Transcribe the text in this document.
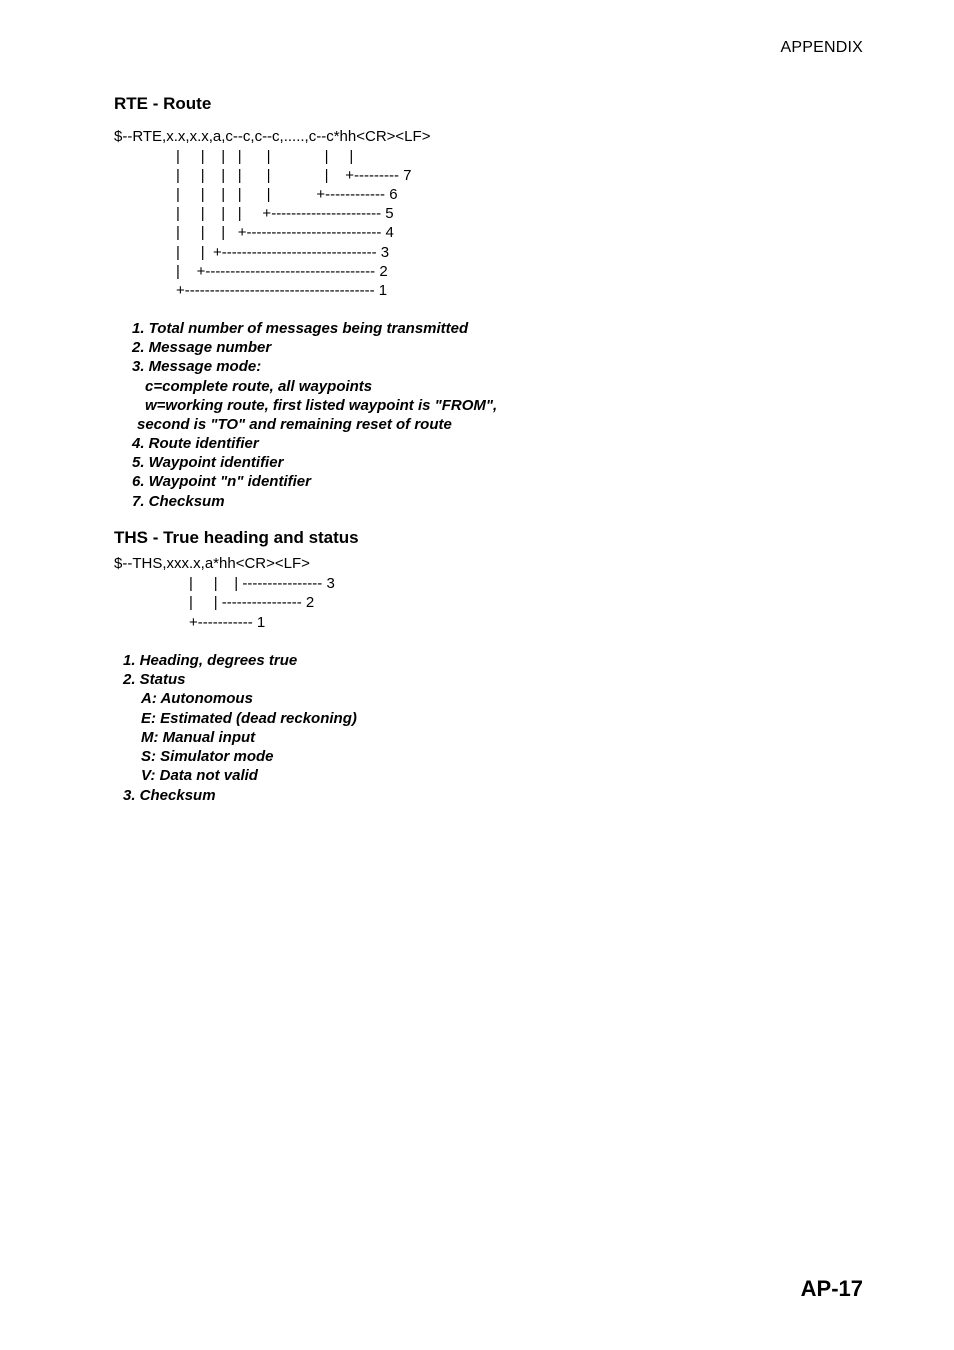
APPENDIX
RTE - Route
$--RTE,x.x,x.x,a,c--c,c--c,.....,c--c*hh<CR><LF>
|     |    |   |      |             |     |
|     |    |   |      |             |    +--------- 7
|     |    |   |      |           +------------ 6
|     |    |   |     +---------------------- 5
|     |    |   +--------------------------- 4
|     |  +------------------------------- 3
|    +---------------------------------- 2
+-------------------------------------- 1
1. Total number of messages being transmitted
2. Message number
3. Message mode:
c=complete route, all waypoints
w=working route, first listed waypoint is "FROM",
second is "TO" and remaining reset of route
4. Route identifier
5. Waypoint identifier
6. Waypoint "n" identifier
7. Checksum
THS - True heading and status
$--THS,xxx.x,a*hh<CR><LF>
|     |    | ---------------- 3
|     | ---------------- 2
+----------- 1
1. Heading, degrees true
2. Status
A: Autonomous
E: Estimated (dead reckoning)
M: Manual input
S: Simulator mode
V: Data not valid
3. Checksum
AP-17
